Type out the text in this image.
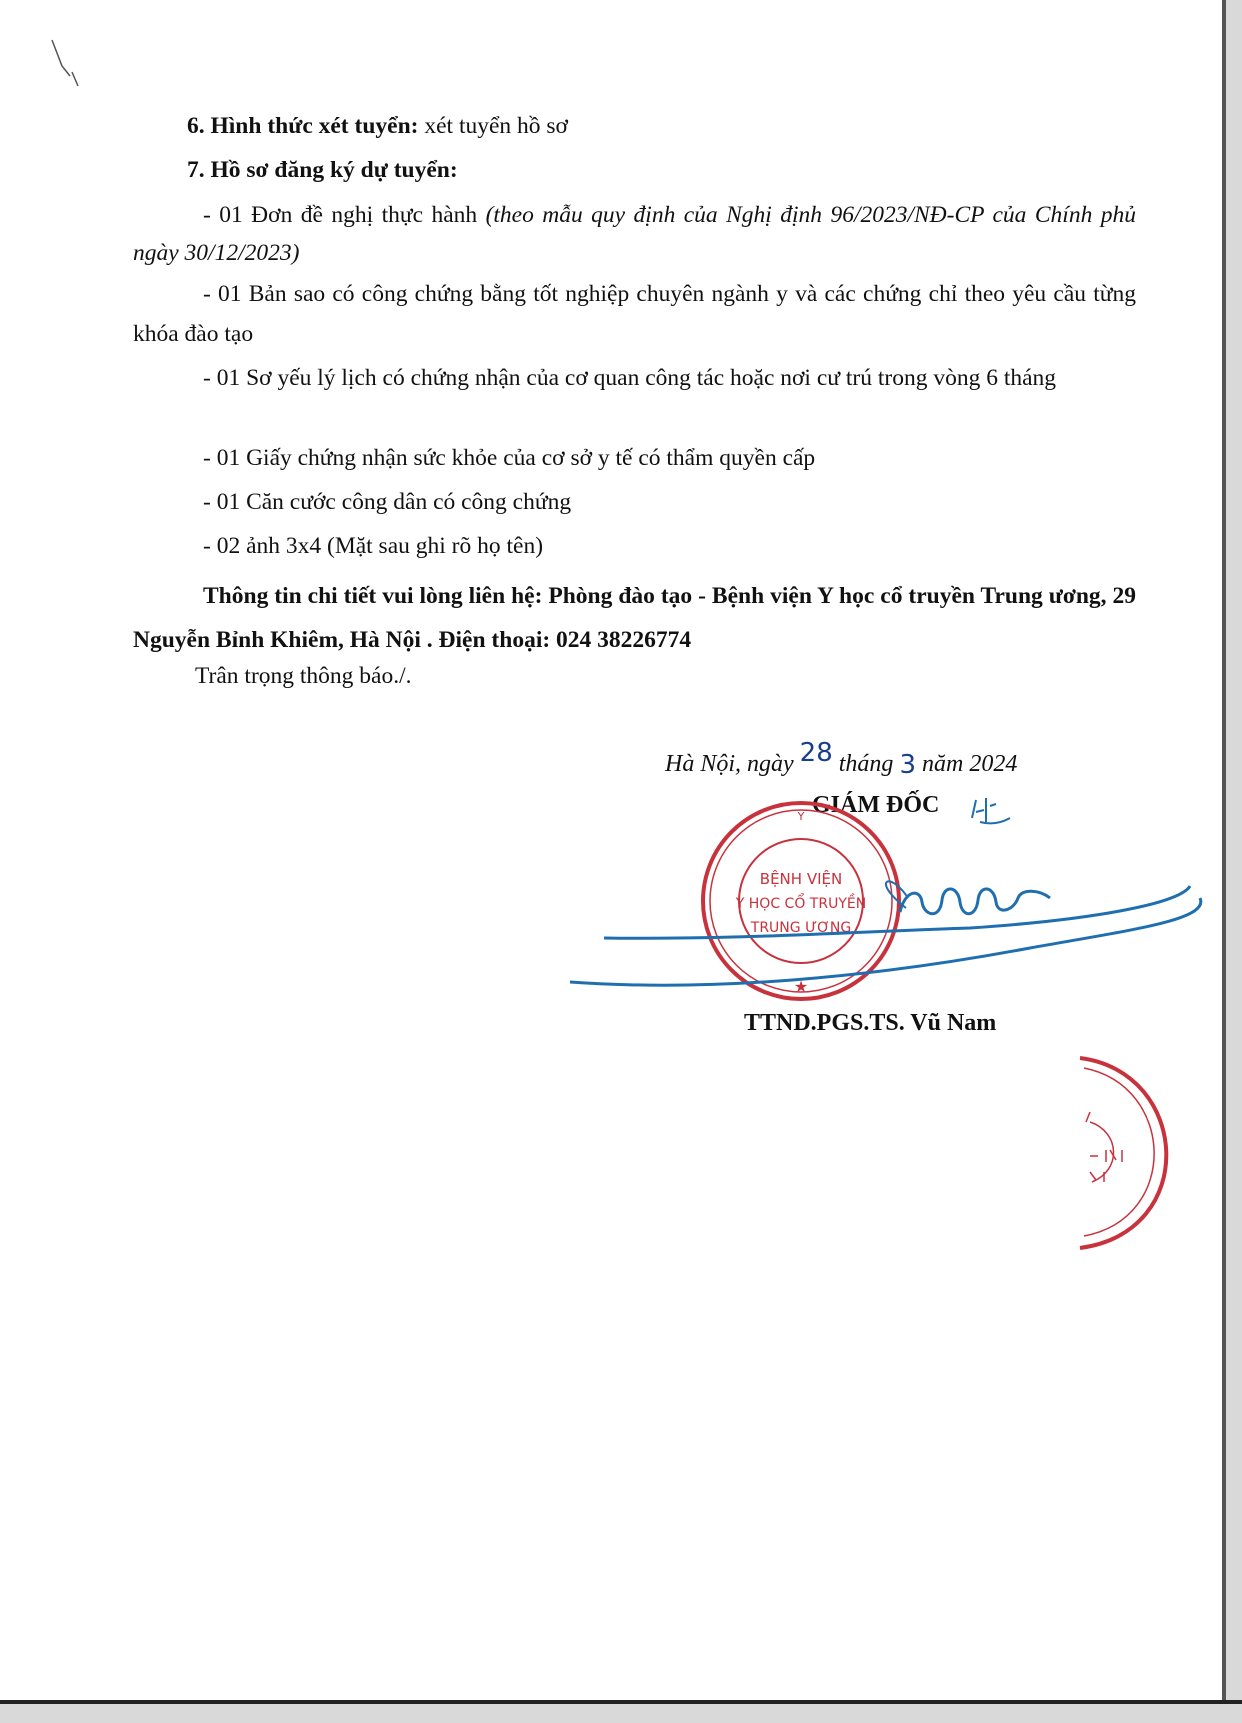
6. Hình thức xét tuyển: xét tuyển hồ sơ
7. Hồ sơ đăng ký dự tuyển:
- 01 Đơn đề nghị thực hành (theo mẫu quy định của Nghị định 96/2023/NĐ-CP của Chính phủ ngày 30/12/2023)
- 01 Bản sao có công chứng bằng tốt nghiệp chuyên ngành y và các chứng chỉ theo yêu cầu từng khóa đào tạo
- 01 Sơ yếu lý lịch có chứng nhận của cơ quan công tác hoặc nơi cư trú trong vòng 6 tháng
- 01 Giấy chứng nhận sức khỏe của cơ sở y tế có thẩm quyền cấp
- 01 Căn cước công dân có công chứng
- 02 ảnh 3x4 (Mặt sau ghi rõ họ tên)
Thông tin chi tiết vui lòng liên hệ: Phòng đào tạo - Bệnh viện Y học cổ truyền Trung ương, 29 Nguyễn Bỉnh Khiêm, Hà Nội . Điện thoại: 024 38226774
Trân trọng thông báo./.
Hà Nội, ngày 28 tháng 3 năm 2024
GIÁM ĐỐC
Y
BỆNH VIỆN
Y HỌC CỔ TRUYỀN
TRUNG ƯƠNG
★
TTND.PGS.TS. Vũ Nam
